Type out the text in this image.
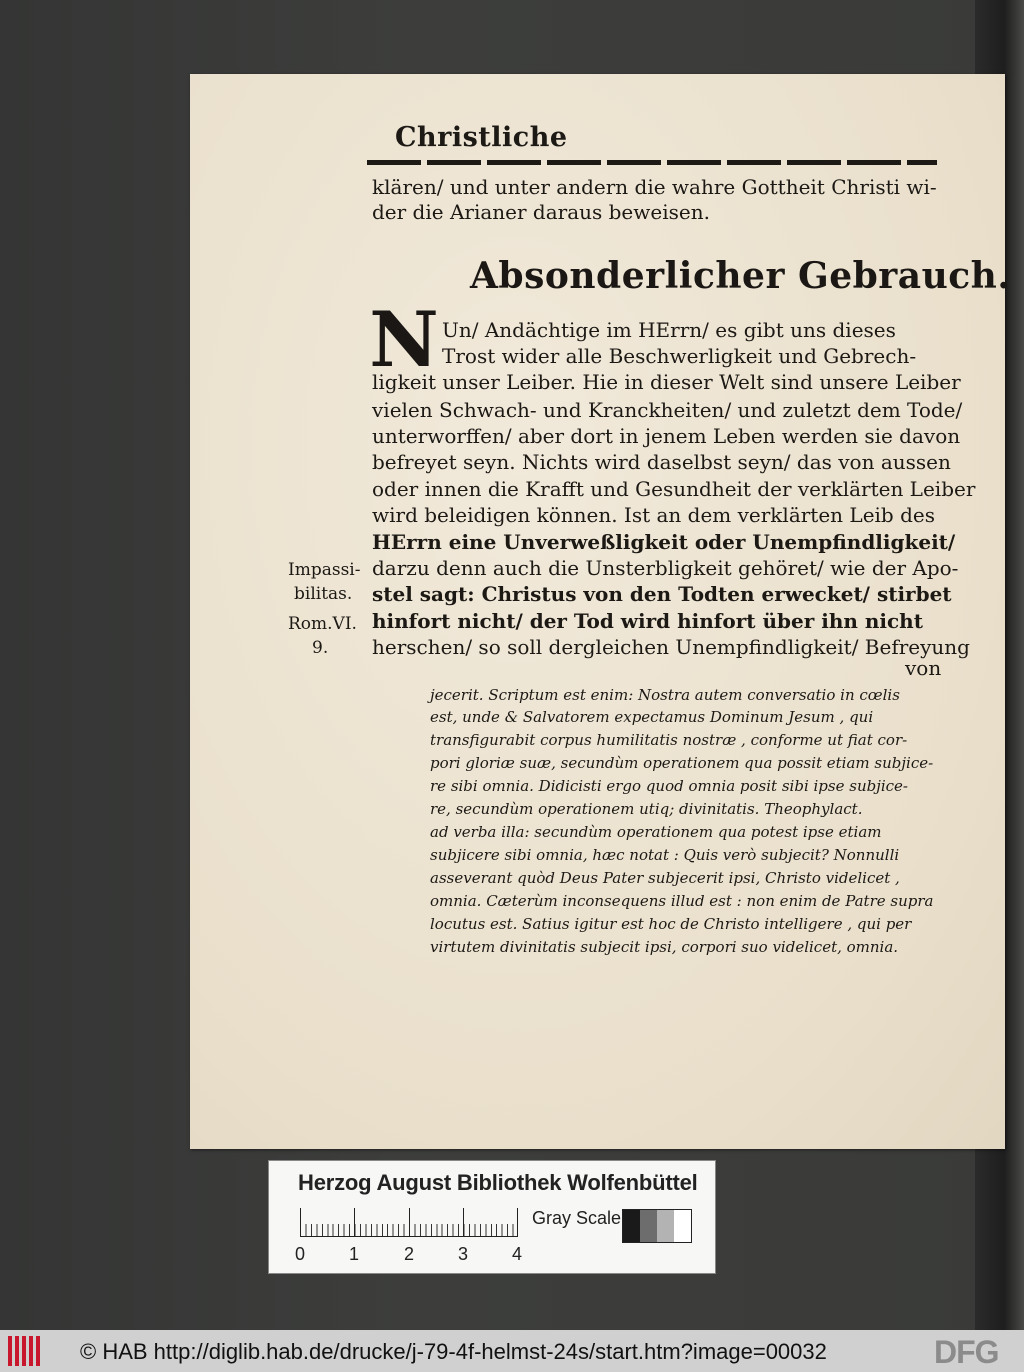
Christliche
klären/ und unter andern die wahre Gottheit Christi wi-
der die Arianer daraus beweisen.
Absonderlicher Gebrauch.
N Un/ Andächtige im HErrn/ es gibt uns dieses
Trost wider alle Beschwerligkeit und Gebrech-
ligkeit unser Leiber. Hie in dieser Welt sind unsere Leiber
vielen Schwach- und Kranckheiten/ und zuletzt dem Tode/
unterworffen/ aber dort in jenem Leben werden sie davon
befreyet seyn. Nichts wird daselbst seyn/ das von aussen
oder innen die Krafft und Gesundheit der verklärten Leiber
wird beleidigen können. Ist an dem verklärten Leib des
HErrn eine Unverweßligkeit oder Unempfindligkeit/
darzu denn auch die Unsterbligkeit gehöret/ wie der Apo-
stel sagt: Christus von den Todten erwecket/ stirbet
hinfort nicht/ der Tod wird hinfort über ihn nicht
herschen/ so soll dergleichen Unempfindligkeit/ Befreyung
von
Impassi-
bilitas.
Rom.VI.
9.
jecerit. Scriptum est enim: Nostra autem conversatio in cœlis
est, unde & Salvatorem expectamus Dominum Jesum , qui
transfigurabit corpus humilitatis nostræ , conforme ut fiat cor-
pori gloriæ suæ, secundùm operationem qua possit etiam subjice-
re sibi omnia. Didicisti ergo quod omnia posit sibi ipse subjice-
re, secundùm operationem utiq; divinitatis. Theophylact.
ad verba illa: secundùm operationem qua potest ipse etiam
subjicere sibi omnia, hæc notat : Quis verò subjecit? Nonnulli
asseverant quòd Deus Pater subjecerit ipsi, Christo videlicet ,
omnia. Cæterùm inconsequens illud est : non enim de Patre supra
locutus est. Satius igitur est hoc de Christo intelligere , qui per
virtutem divinitatis subjecit ipsi, corpori suo videlicet, omnia.
Herzog August Bibliothek Wolfenbüttel
0 1 2 3 4
Gray Scale
© HAB http://diglib.hab.de/drucke/j-79-4f-helmst-24s/start.htm?image=00032	DFG
